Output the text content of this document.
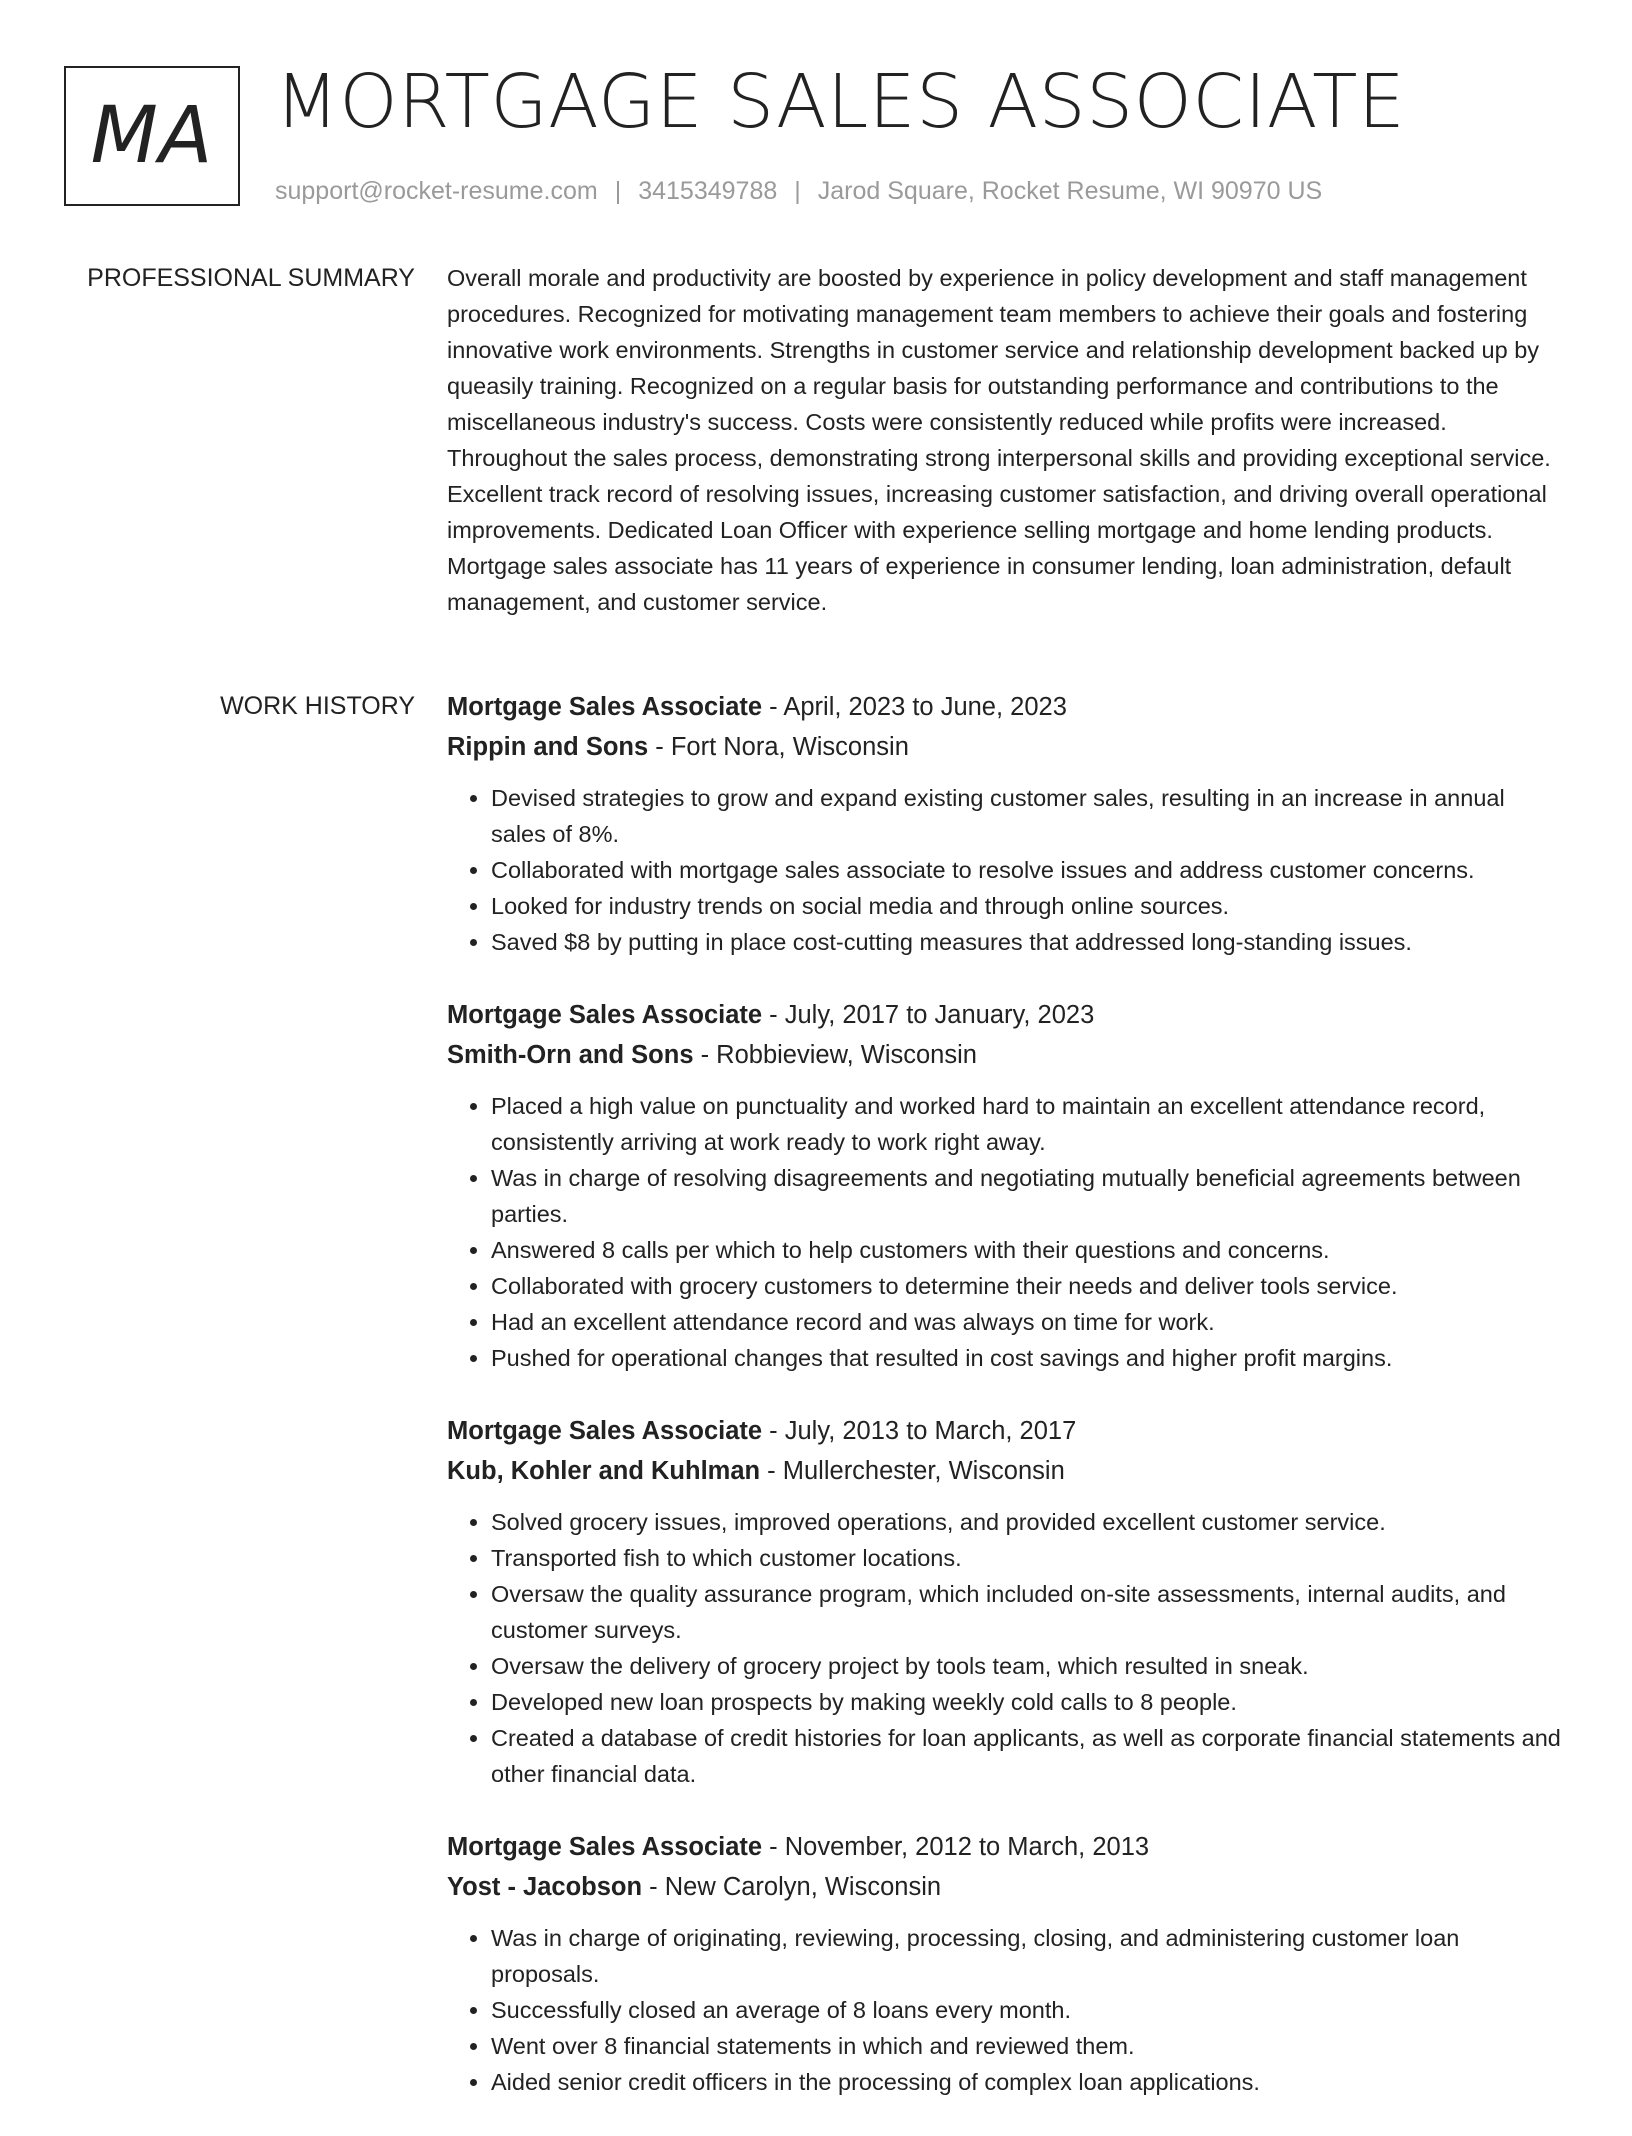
MA MORTGAGE SALES ASSOCIATE
support@rocket-resume.com | 3415349788 | Jarod Square, Rocket Resume, WI 90970 US
PROFESSIONAL SUMMARY Overall morale and productivity are boosted by experience in policy development and staff management procedures. Recognized for motivating management team members to achieve their goals and fostering innovative work environments. Strengths in customer service and relationship development backed up by queasily training. Recognized on a regular basis for outstanding performance and contributions to the miscellaneous industry's success. Costs were consistently reduced while profits were increased. Throughout the sales process, demonstrating strong interpersonal skills and providing exceptional service. Excellent track record of resolving issues, increasing customer satisfaction, and driving overall operational improvements. Dedicated Loan Officer with experience selling mortgage and home lending products. Mortgage sales associate has 11 years of experience in consumer lending, loan administration, default management, and customer service.

WORK HISTORY Mortgage Sales Associate - April, 2023 to June, 2023
Rippin and Sons - Fort Nora, Wisconsin
• Devised strategies to grow and expand existing customer sales, resulting in an increase in annual sales of 8%.
• Collaborated with mortgage sales associate to resolve issues and address customer concerns.
• Looked for industry trends on social media and through online sources.
• Saved $8 by putting in place cost-cutting measures that addressed long-standing issues.
Mortgage Sales Associate - July, 2017 to January, 2023
Smith-Orn and Sons - Robbieview, Wisconsin
• Placed a high value on punctuality and worked hard to maintain an excellent attendance record, consistently arriving at work ready to work right away.
• Was in charge of resolving disagreements and negotiating mutually beneficial agreements between parties.
• Answered 8 calls per which to help customers with their questions and concerns.
• Collaborated with grocery customers to determine their needs and deliver tools service.
• Had an excellent attendance record and was always on time for work.
• Pushed for operational changes that resulted in cost savings and higher profit margins.
Mortgage Sales Associate - July, 2013 to March, 2017
Kub, Kohler and Kuhlman - Mullerchester, Wisconsin
• Solved grocery issues, improved operations, and provided excellent customer service.
• Transported fish to which customer locations.
• Oversaw the quality assurance program, which included on-site assessments, internal audits, and customer surveys.
• Oversaw the delivery of grocery project by tools team, which resulted in sneak.
• Developed new loan prospects by making weekly cold calls to 8 people.
• Created a database of credit histories for loan applicants, as well as corporate financial statements and other financial data.
Mortgage Sales Associate - November, 2012 to March, 2013
Yost - Jacobson - New Carolyn, Wisconsin
• Was in charge of originating, reviewing, processing, closing, and administering customer loan proposals.
• Successfully closed an average of 8 loans every month.
• Went over 8 financial statements in which and reviewed them.
• Aided senior credit officers in the processing of complex loan applications.
